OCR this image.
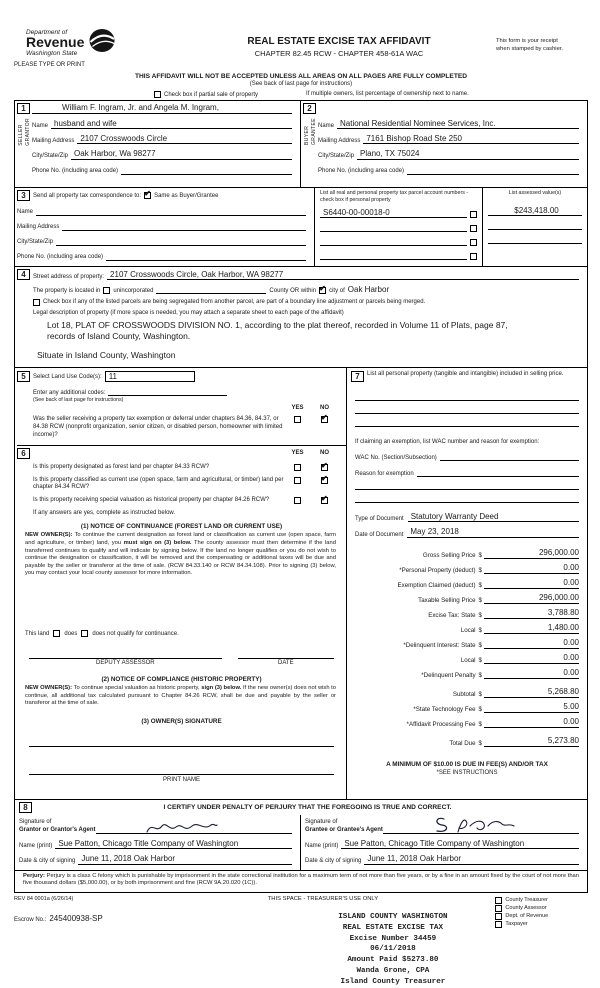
Department of
Revenue
Washington State
PLEASE TYPE OR PRINT
REAL ESTATE EXCISE TAX AFFIDAVIT
CHAPTER 82.45 RCW - CHAPTER 458-61A WAC
This form is your receipt
when stamped by cashier.
THIS AFFIDAVIT WILL NOT BE ACCEPTED UNLESS ALL AREAS ON ALL PAGES ARE FULLY COMPLETED
(See back of last page for instructions)
Check box if partial sale of property	If multiple owners, list percentage of ownership next to name.
1
SELLER GRANTOR
William F. Ingram, Jr. and Angela M. Ingram,
Name husband and wife
Mailing Address 2107 Crosswoods Circle
City/State/Zip Oak Harbor, Wa 98277
Phone No. (including area code)
2
BUYER GRANTEE Name National Residential Nominee Services, Inc.
Mailing Address 7161 Bishop Road Ste 250
City/State/Zip Plano, TX 75024
Phone No. (including area code)
3	Send all property tax correspondence to: ✔ Same as Buyer/Grantee
Name
Mailing Address
City/State/Zip
Phone No. (including area code)
List all real and personal property tax parcel account numbers - check box if personal property
S6440-00-00018-0
List assessed value(s)
$243,418.00
4	Street address of property: 2107 Crosswoods Circle, Oak Harbor, WA 98277
The property is located in unincorporated	County OR within ✔ city of Oak Harbor
Check box if any of the listed parcels are being segregated from another parcel, are part of a boundary line adjustment or parcels being merged.
Legal description of property (if more space is needed, you may attach a separate sheet to each page of the affidavit)
Lot 18, PLAT OF CROSSWOODS DIVISION NO. 1, according to the plat thereof, recorded in Volume 11 of Plats, page 87, records of Island County, Washington.
Situate in Island County, Washington
5	Select Land Use Code(s): 11
Enter any additional codes:
(See back of last page for instructions)
YES	NO
Was the seller receiving a property tax exemption or deferral under chapters 84.36, 84.37, or 84.38 RCW (nonprofit organization, senior citizen, or disabled person, homeowner with limited income)?
✔
6	YES	NO
Is this property designated as forest land per chapter 84.33 RCW?
✔
Is this property classified as current use (open space, farm and agricultural, or timber) land per chapter 84.34 RCW?
✔
Is this property receiving special valuation as historical property per chapter 84.26 RCW?
✔
If any answers are yes, complete as instructed below.
(1) NOTICE OF CONTINUANCE (FOREST LAND OR CURRENT USE)
NEW OWNER(S): To continue the current designation as forest land or classification as current use (open space, farm and agriculture, or timber) land, you must sign on (3) below. The county assessor must then determine if the land transferred continues to qualify and will indicate by signing below. If the land no longer qualifies or you do not wish to continue the designation or classification, it will be removed and the compensating or additional taxes will be due and payable by the seller or transferor at the time of sale. (RCW 84.33.140 or RCW 84.34.108). Prior to signing (3) below, you may contact your local county assessor for more information.
This land	does	does not qualify for continuance.
DEPUTY ASSESSOR	DATE
(2) NOTICE OF COMPLIANCE (HISTORIC PROPERTY)
NEW OWNER(S): To continue special valuation as historic property, sign (3) below. If the new owner(s) does not wish to continue, all additional tax calculated pursuant to Chapter 84.26 RCW, shall be due and payable by the seller or transferor at the time of sale.
(3) OWNER(S) SIGNATURE
PRINT NAME
7	List all personal property (tangible and intangible) included in selling price.
If claiming an exemption, list WAC number and reason for exemption:
WAC No. (Section/Subsection)
Reason for exemption
Type of Document Statutory Warranty Deed
Date of Document May 23, 2018
Gross Selling Price $	296,000.00
*Personal Property (deduct) $	0.00
Exemption Claimed (deduct) $	0.00
Taxable Selling Price $	296,000.00
Excise Tax: State $	3,788.80
Local $	1,480.00
*Delinquent Interest: State $	0.00
Local $	0.00
*Delinquent Penalty $	0.00
Subtotal $	5,268.80
*State Technology Fee $	5.00
*Affidavit Processing Fee $	0.00
Total Due $	5,273.80
A MINIMUM OF $10.00 IS DUE IN FEE(S) AND/OR TAX
*SEE INSTRUCTIONS
8	I CERTIFY UNDER PENALTY OF PERJURY THAT THE FOREGOING IS TRUE AND CORRECT.
Signature of
Grantor or Grantor's Agent
Name (print) Sue Patton, Chicago Title Company of Washington
Date & city of signing June 11, 2018 Oak Harbor
Signature of
Grantee or Grantee's Agent
Name (print) Sue Patton, Chicago Title Company of Washington
Date & city of signing June 11, 2018 Oak Harbor
Perjury: Perjury is a class C felony which is punishable by imprisonment in the state correctional institution for a maximum term of not more than five years, or by a fine in an amount fixed by the court of not more than five thousand dollars ($5,000.00), or by both imprisonment and fine (RCW 9A.20.020 (1C)).
REV 84 0001a (6/26/14)
Escrow No.: 245400938-SP
THIS SPACE - TREASURER'S USE ONLY
ISLAND COUNTY WASHINGTON
REAL ESTATE EXCISE TAX
Excise Number 34459
06/11/2018
Amount Paid $5273.80
Wanda Grone, CPA
Island County Treasurer
County Treasurer
County Assessor
Dept. of Revenue
Taxpayer
